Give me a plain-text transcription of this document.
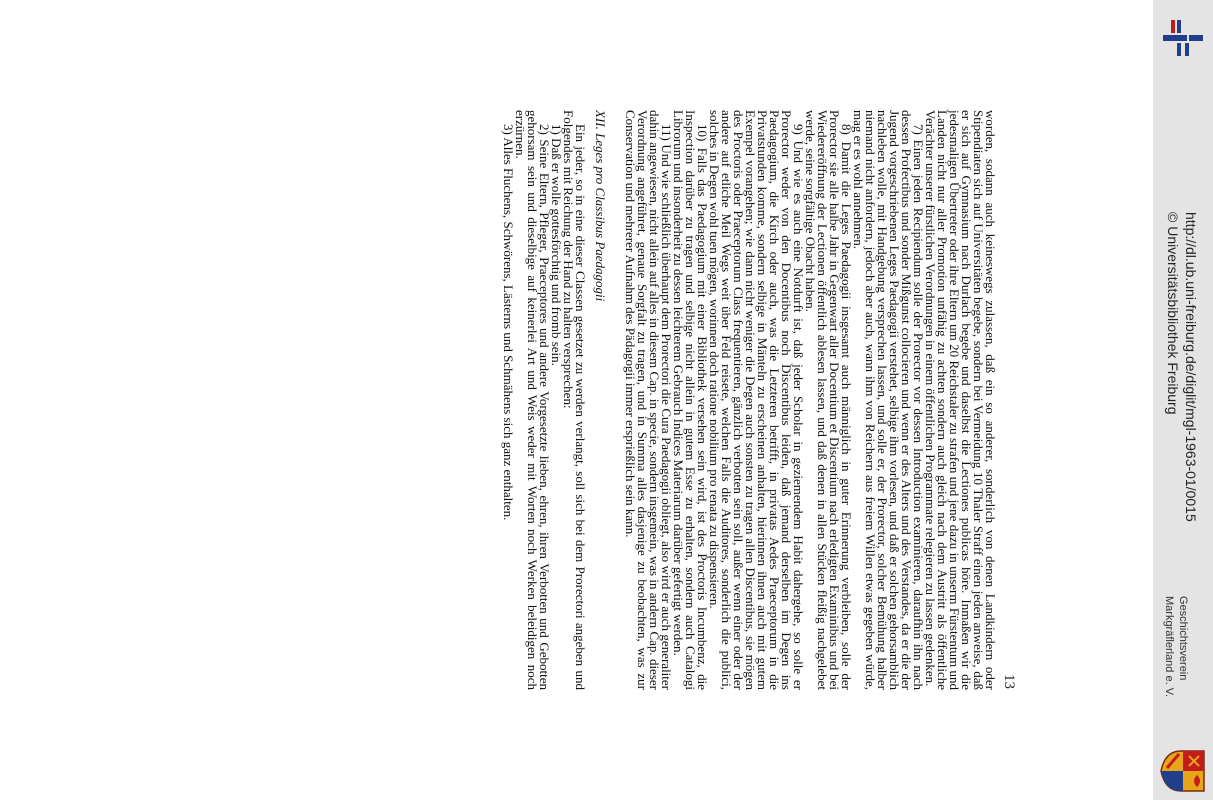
http://dl.ub.uni-freiburg.de/diglit/mgl-1963-01/0015
© Universitätsbibliothek Freiburg
Geschichtsverein
Markgräflerland e. V.
13

worden, sodann auch keineswegs zulassen, daß ein so anderer, sonderlich von denen Landkindern oder Stipendiaten sich auf Universitäten begebe, sondern bei Vermeidung 10 Thaler Straff einen jeden anweise, daß er sich auf Gymnasium nach Durlach begebe und daselbst die Lectiones publicas höre. Inmaßen wir die jedesmaligen Übertreter oder ihre Eltern um 20 Reichstaler zu strafen und jene dazu in unserm Fürstentum und Landen nicht nur aller Promotion unfähig zu achten sondern auch gleich nach dem Austritt als öffentliche Verächter unserer fürstlichen Verordnungen in einem öffentlichen Programmate relegieren zu lassen gedenken.

7) Einen jeden Recipiendum solle der Prorector vor dessen Introduction examinieren, daraufhin ihn nach dessen Profectibus und sonder Mißgunst collocieren und wenn er des Alters und des Verstandes, da er die der Jugend vorgeschriebenen Leges Paedagogii verstehet, selbige ihm vorlesen, und daß er solchen gehorsamblich nachleben wolle, mit Handgebung versprechen lassen, und solle er, der Prorector, solcher Bemühung halber niemand nicht anfordern, jedoch aber auch, wann ihm von Reichern aus freiem Willen etwas gegeben würde, mag er es wohl annehmen.

8) Damit die Leges Paedagogii insgesamt auch männiglich in guter Erinnerung verbleiben, solle der Prorector sie alle halbe Jahr in Gegenwart aller Docentium et Discentium nach erledigten Examinibus und bei Wiedereröffnung der Lectionen öffentlich ablesen lassen, und daß denen in allen Stücken fleißig nachgelebet werde, seine sorgfältige Obacht haben.

9) Und wie es auch eine Notdurft ist, daß jeder Scholar in geziemendem Habit dahergehe, so solle er Prorector weder von den Docentibus noch Discentibus leiden, daß jemand derselben im Degen ins Paedagogium, die Kirch oder auch, was die Letzteren betrifft, in privatas Aedes Praeceptorum in die Privatstunden komme, sondern selbige in Mänteln zu erscheinen anhalten, hierinnen ihnen auch mit gutem Exempel vorangehen; wie dann nicht weniger die Degen auch sonsten zu tragen allen Discentibus, sie mögen des Proctoris oder Praeceptorum Class frequentieren, gänzlich verbotten sein soll, außer wenn einer oder der andere auf etliche Meil Wegs weit über Feld reisete, welchen Falls die Auditores, sonderlich die publici, solches in Degen wohl tuen mögen, worinnen doch ratione nobilium pro renata zu dispensieren.

10) Falls das Paedagogium mit einer Bibliothek versehen sein wird, ist des Proctoris Incumbenz, die Inspection darüber zu tragen und selbige nicht allein in gutem Esse zu erhalten, sondern auch Catalogi Librorum und insonderheit zu dessen leichterem Gebrauch Indices Materiarum darüber gefertigt werden.

11) Und wie schließlich überhaupt dem Prorectori die Cura Paedagogii obliegt, also wird er auch generaliter dahin angewiesen, nicht allein auf alles in diesem Cap. in specie, sondern insgemein, was in andern Cap. dieser Verordnung angeführet, genaue Sorgfalt zu tragen, und in Summa alles dasjenige zu beobachten, was zur Conservation und mehrerer Aufnahm des Pädagogii immer ersprießlich sein kann.

XII. Leges pro Classibus Paedagogii

Ein jeder, so in eine dieser Classen gesetzet zu werden verlangt, soll sich bei dem Prorectori angeben und Folgendes mit Reichung der Hand zu halten versprechen:

1) Daß er wolle gottesförchtig und fromb sein.

2) Seine Eltern, Pfleger, Praeceptores und andere Vorgesetzte lieben, ehren, ihren Verbotten und Gebotten gehorsam sein und dieselbige auf keinerlei Art und Weis weder mit Worten noch Werken beleidigen noch erzürnen.

3) Alles Fluchens, Schwörens, Lästerns und Schmähens sich ganz enthalten.
